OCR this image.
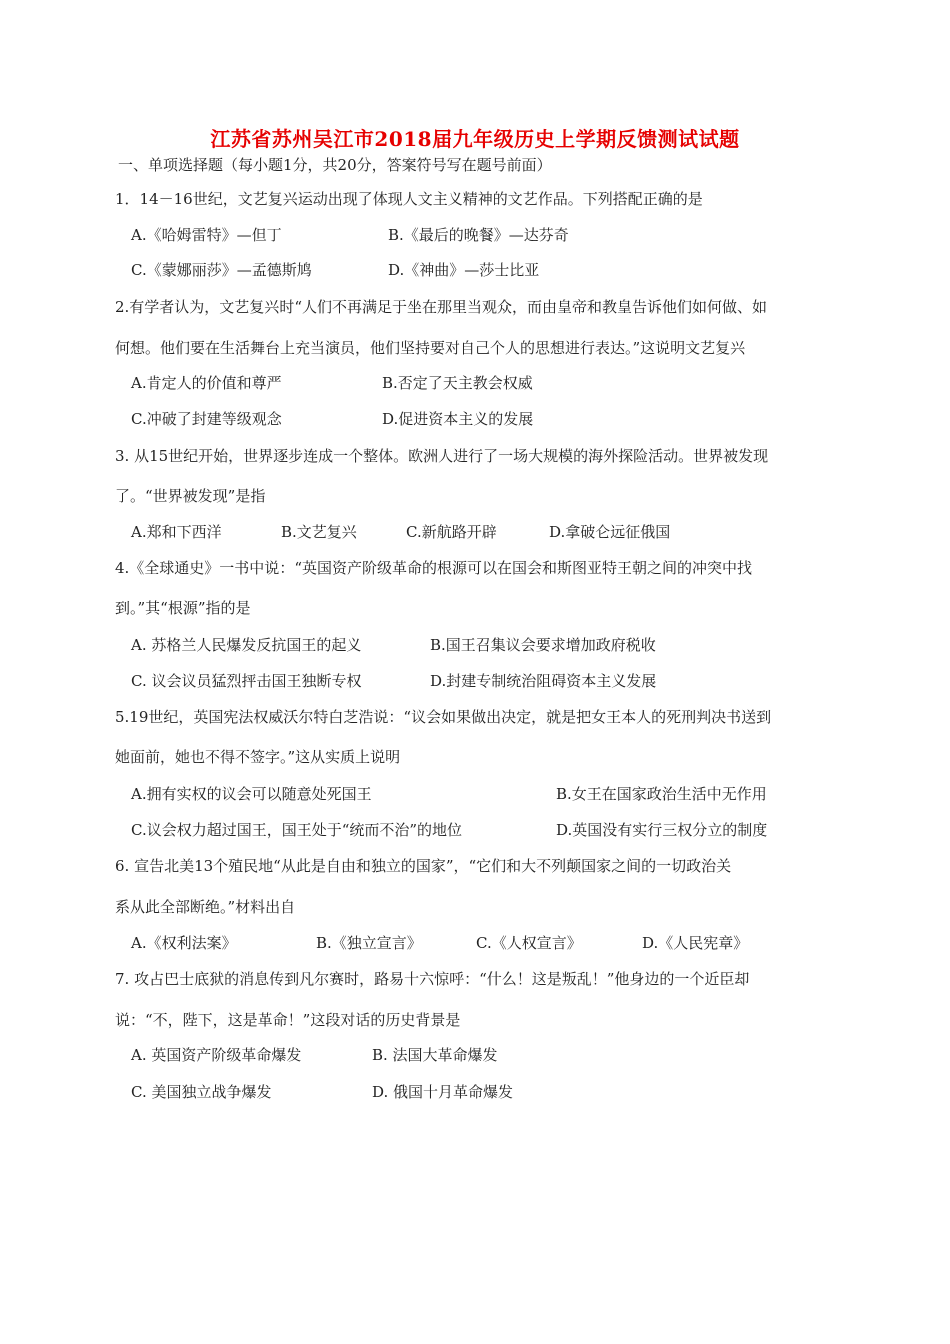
江苏省苏州吴江市2018届九年级历史上学期反馈测试试题
一、单项选择题（每小题1分，共20分，答案符号写在题号前面）
1．14－16世纪，文艺复兴运动出现了体现人文主义精神的文艺作品。下列搭配正确的是
A.《哈姆雷特》—但丁	B.《最后的晚餐》—达芬奇
C.《蒙娜丽莎》—孟德斯鸠	D.《神曲》—莎士比亚
2.有学者认为，文艺复兴时“人们不再满足于坐在那里当观众，而由皇帝和教皇告诉他们如何做、如
何想。他们要在生活舞台上充当演员，他们坚持要对自己个人的思想进行表达。”这说明文艺复兴
A.肯定人的价值和尊严	B.否定了天主教会权威
C.冲破了封建等级观念	D.促进资本主义的发展
3. 从15世纪开始，世界逐步连成一个整体。欧洲人进行了一场大规模的海外探险活动。世界被发现
了。“世界被发现”是指
A.郑和下西洋	B.文艺复兴	C.新航路开辟	D.拿破仑远征俄国
4.《全球通史》一书中说：“英国资产阶级革命的根源可以在国会和斯图亚特王朝之间的冲突中找
到。”其“根源”指的是
A. 苏格兰人民爆发反抗国王的起义	B.国王召集议会要求增加政府税收
C. 议会议员猛烈抨击国王独断专权	D.封建专制统治阻碍资本主义发展
5.19世纪，英国宪法权威沃尔特白芝浩说：“议会如果做出决定，就是把女王本人的死刑判决书送到
她面前，她也不得不签字。”这从实质上说明
A.拥有实权的议会可以随意处死国王	B.女王在国家政治生活中无作用
C.议会权力超过国王，国王处于“统而不治”的地位	D.英国没有实行三权分立的制度
6. 宣告北美13个殖民地“从此是自由和独立的国家”，“它们和大不列颠国家之间的一切政治关
系从此全部断绝。”材料出自
A.《权利法案》	B.《独立宣言》	C.《人权宣言》	D.《人民宪章》
7. 攻占巴士底狱的消息传到凡尔赛时，路易十六惊呼：“什么！这是叛乱！”他身边的一个近臣却
说：“不，陛下，这是革命！”这段对话的历史背景是
A. 英国资产阶级革命爆发	B. 法国大革命爆发
C. 美国独立战争爆发	D. 俄国十月革命爆发
